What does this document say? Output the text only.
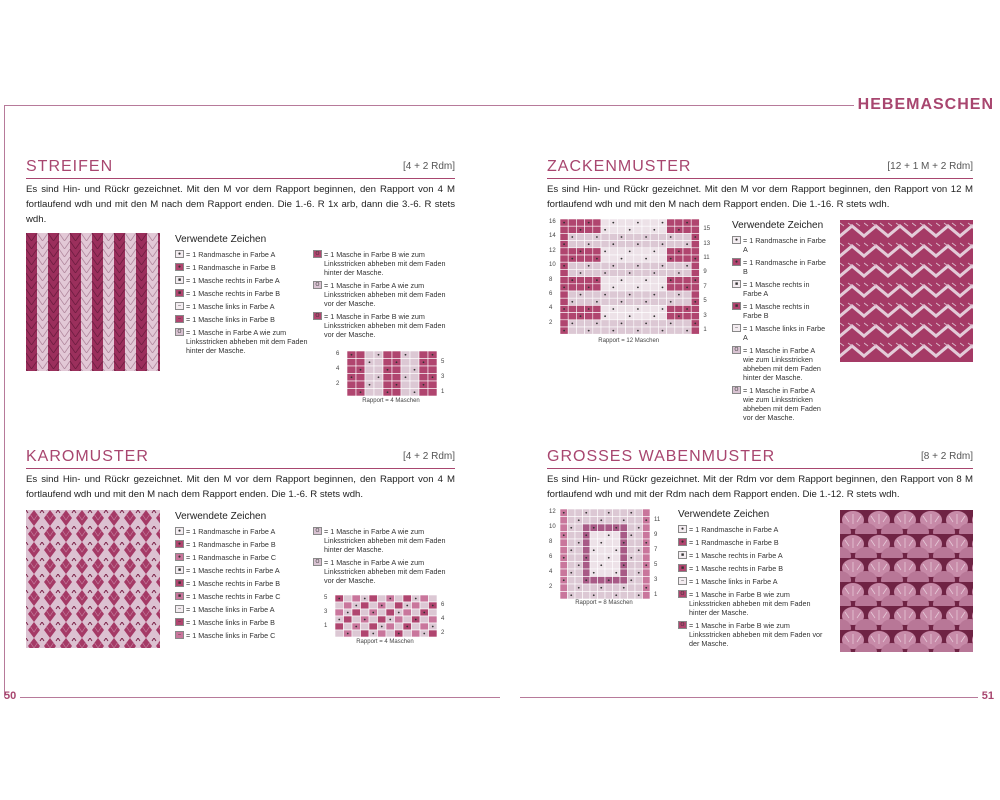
HEBEMASCHEN
50	51
STREIFEN	[4 + 2 Rdm]
Es sind Hin- und Rückr gezeichnet. Mit den M vor dem Rapport beginnen, den Rapport von 4 M fortlaufend wdh und mit den M nach dem Rapport enden. Die 1.-6. R 1x arb, dann die 3.-6. R stets wdh.
Verwendete Zeichen
● = 1 Randmasche in Farbe A
● = 1 Randmasche in Farbe B
■ = 1 Masche rechts in Farbe A
■ = 1 Masche rechts in Farbe B
– = 1 Masche links in Farbe A
– = 1 Masche links in Farbe B
O = 1 Masche in Farbe A wie zum Linksstricken abheben mit dem Faden hinter der Masche.
O = 1 Masche in Farbe B wie zum Linksstricken abheben mit dem Faden hinter der Masche.
O = 1 Masche in Farbe A wie zum Linksstricken abheben mit dem Faden vor der Masche.
O = 1 Masche in Farbe B wie zum Linksstricken abheben mit dem Faden vor der Masche.
6
4
2
5
3
1
Rapport = 4 Maschen
KAROMUSTER	[4 + 2 Rdm]
Es sind Hin- und Rückr gezeichnet. Mit den M vor dem Rapport beginnen, den Rapport von 4 M fortlaufend wdh und mit den M nach dem Rapport enden. Die 1.-6. R stets wdh.
Verwendete Zeichen
● = 1 Randmasche in Farbe A
● = 1 Randmasche in Farbe B
● = 1 Randmasche in Farbe C
■ = 1 Masche rechts in Farbe A
■ = 1 Masche rechts in Farbe B
■ = 1 Masche rechts in Farbe C
– = 1 Masche links in Farbe A
– = 1 Masche links in Farbe B
– = 1 Masche links in Farbe C
O = 1 Masche in Farbe A wie zum Linksstricken abheben mit dem Faden hinter der Masche.
O = 1 Masche in Farbe A wie zum Linksstricken abheben mit dem Faden vor der Masche.
5
3
1
6
4
2
Rapport = 4 Maschen
ZACKENMUSTER	[12 + 1 M + 2 Rdm]
Es sind Hin- und Rückr gezeichnet. Mit den M vor dem Rapport beginnen, den Rapport von 12 M fortlaufend wdh und mit den M nach dem Rapport enden. Die 1.-16. R stets wdh.
16
14
12
10
8
6
4
2
15
13
11
9
7
5
3
1
Rapport = 12 Maschen
Verwendete Zeichen
● = 1 Randmasche in Farbe A
● = 1 Randmasche in Farbe B
■ = 1 Masche rechts in Farbe A
■ = 1 Masche rechts in Farbe B
– = 1 Masche links in Farbe A
O = 1 Masche in Farbe A wie zum Linksstricken abheben mit dem Faden hinter der Masche.
O = 1 Masche in Farbe A wie zum Linksstricken abheben mit dem Faden vor der Masche.
GROSSES WABENMUSTER	[8 + 2 Rdm]
Es sind Hin- und Rückr gezeichnet. Mit der Rdm vor dem Rapport beginnen, den Rapport von 8 M fortlaufend wdh und mit der Rdm nach dem Rapport enden. Die 1.-12. R stets wdh.
12
10
8
6
4
2
11
9
7
5
3
1
Rapport = 8 Maschen
Verwendete Zeichen
● = 1 Randmasche in Farbe A
● = 1 Randmasche in Farbe B
■ = 1 Masche rechts in Farbe A
■ = 1 Masche rechts in Farbe B
– = 1 Masche links in Farbe A
O = 1 Masche in Farbe B wie zum Linksstricken abheben mit dem Faden hinter der Masche.
O = 1 Masche in Farbe B wie zum Linksstricken abheben mit dem Faden vor der Masche.
